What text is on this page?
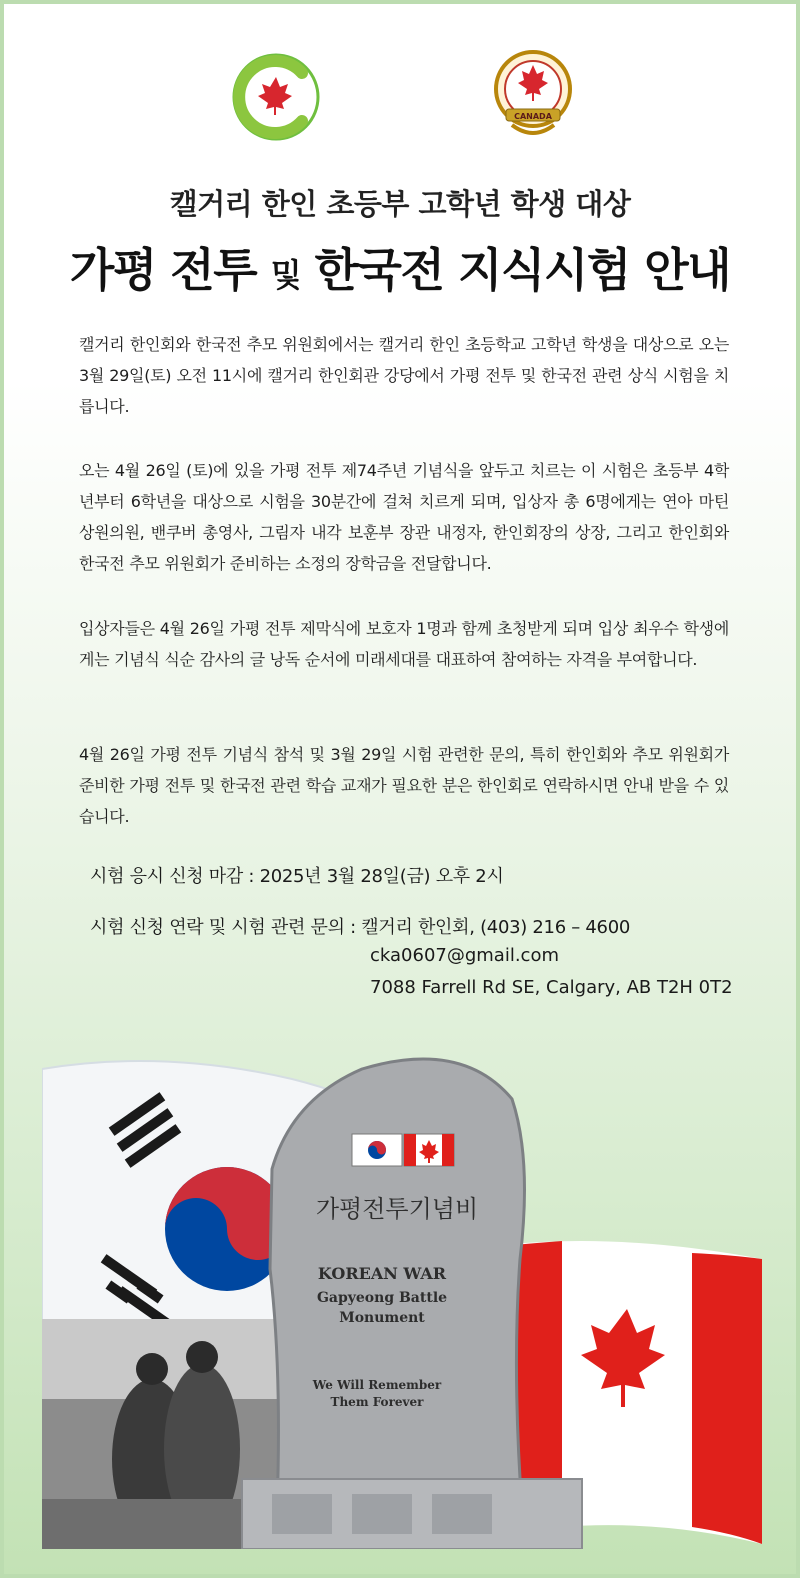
CANADA
캘거리 한인 초등부 고학년 학생 대상
가평 전투 및 한국전 지식시험 안내
캘거리 한인회와 한국전 추모 위원회에서는 캘거리 한인 초등학교 고학년 학생을 대상으로 오는 3월 29일(토) 오전 11시에 캘거리 한인회관 강당에서 가평 전투 및 한국전 관련 상식 시험을 치릅니다.
오는 4월 26일 (토)에 있을 가평 전투 제74주년 기념식을 앞두고 치르는 이 시험은 초등부 4학년부터 6학년을 대상으로 시험을 30분간에 걸쳐 치르게 되며, 입상자 총 6명에게는 연아 마틴 상원의원, 밴쿠버 총영사, 그림자 내각 보훈부 장관 내정자, 한인회장의 상장, 그리고 한인회와 한국전 추모 위원회가 준비하는 소정의 장학금을 전달합니다.
입상자들은 4월 26일 가평 전투 제막식에 보호자 1명과 함께 초청받게 되며 입상 최우수 학생에게는 기념식 식순 감사의 글 낭독 순서에 미래세대를 대표하여 참여하는 자격을 부여합니다.
4월 26일 가평 전투 기념식 참석 및 3월 29일 시험 관련한 문의, 특히 한인회와 추모 위원회가 준비한 가평 전투 및 한국전 관련 학습 교재가 필요한 분은 한인회로 연락하시면 안내 받을 수 있습니다.
시험 응시 신청 마감 : 2025년 3월 28일(금) 오후 2시
시험 신청 연락 및 시험 관련 문의 : 캘거리 한인회, (403) 216 – 4600
cka0607@gmail.com
7088 Farrell Rd SE, Calgary, AB T2H 0T2
가평전투기념비
KOREAN WAR
Gapyeong Battle
Monument
We Will Remember
Them Forever
